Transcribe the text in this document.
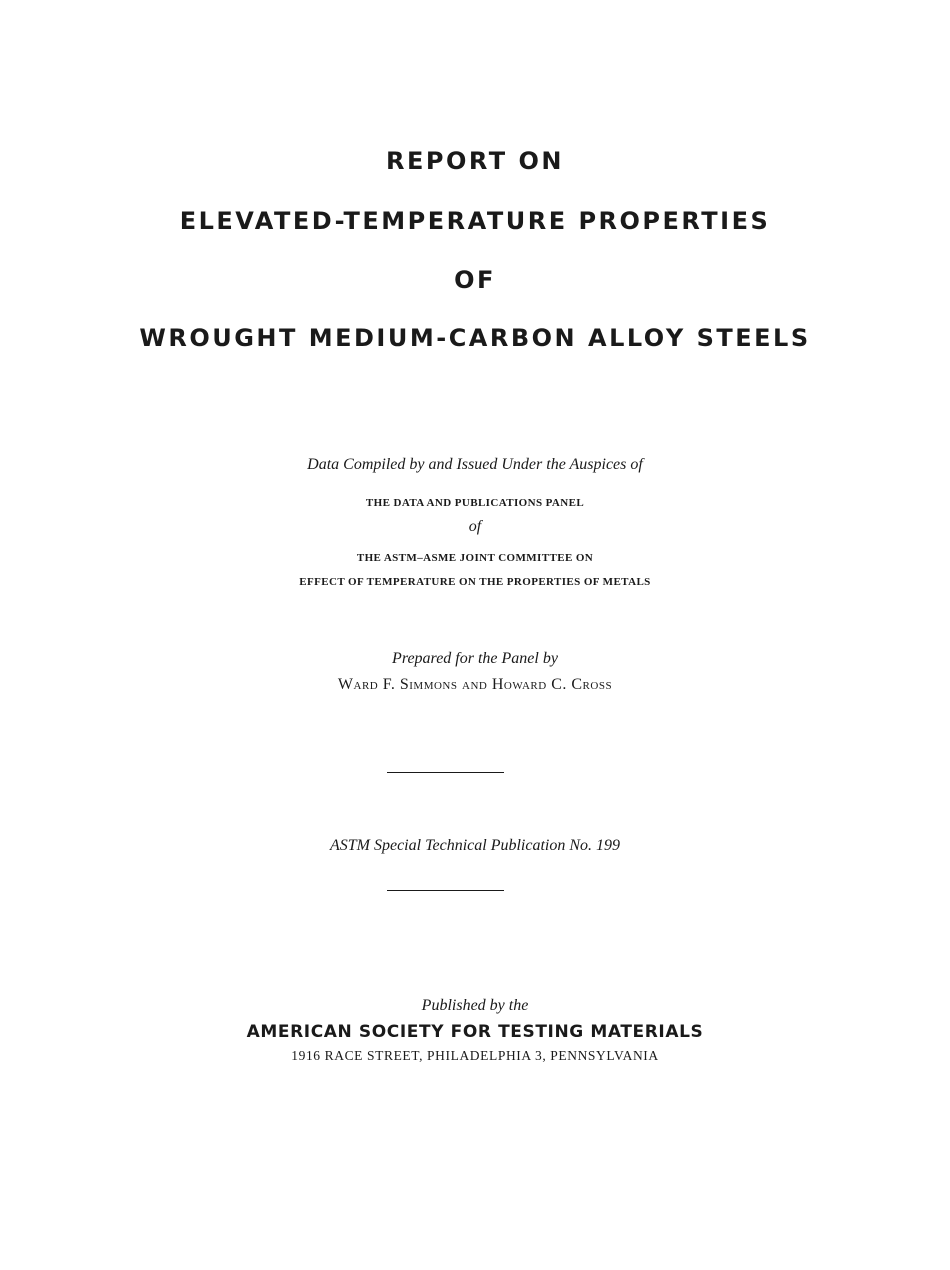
REPORT ON
ELEVATED-TEMPERATURE PROPERTIES
OF
WROUGHT MEDIUM-CARBON ALLOY STEELS
Data Compiled by and Issued Under the Auspices of
THE DATA AND PUBLICATIONS PANEL
of
THE ASTM–ASME JOINT COMMITTEE ON
EFFECT OF TEMPERATURE ON THE PROPERTIES OF METALS
Prepared for the Panel by
Ward F. Simmons and Howard C. Cross
ASTM Special Technical Publication No. 199
Published by the
AMERICAN SOCIETY FOR TESTING MATERIALS
1916 RACE STREET, PHILADELPHIA 3, PENNSYLVANIA
